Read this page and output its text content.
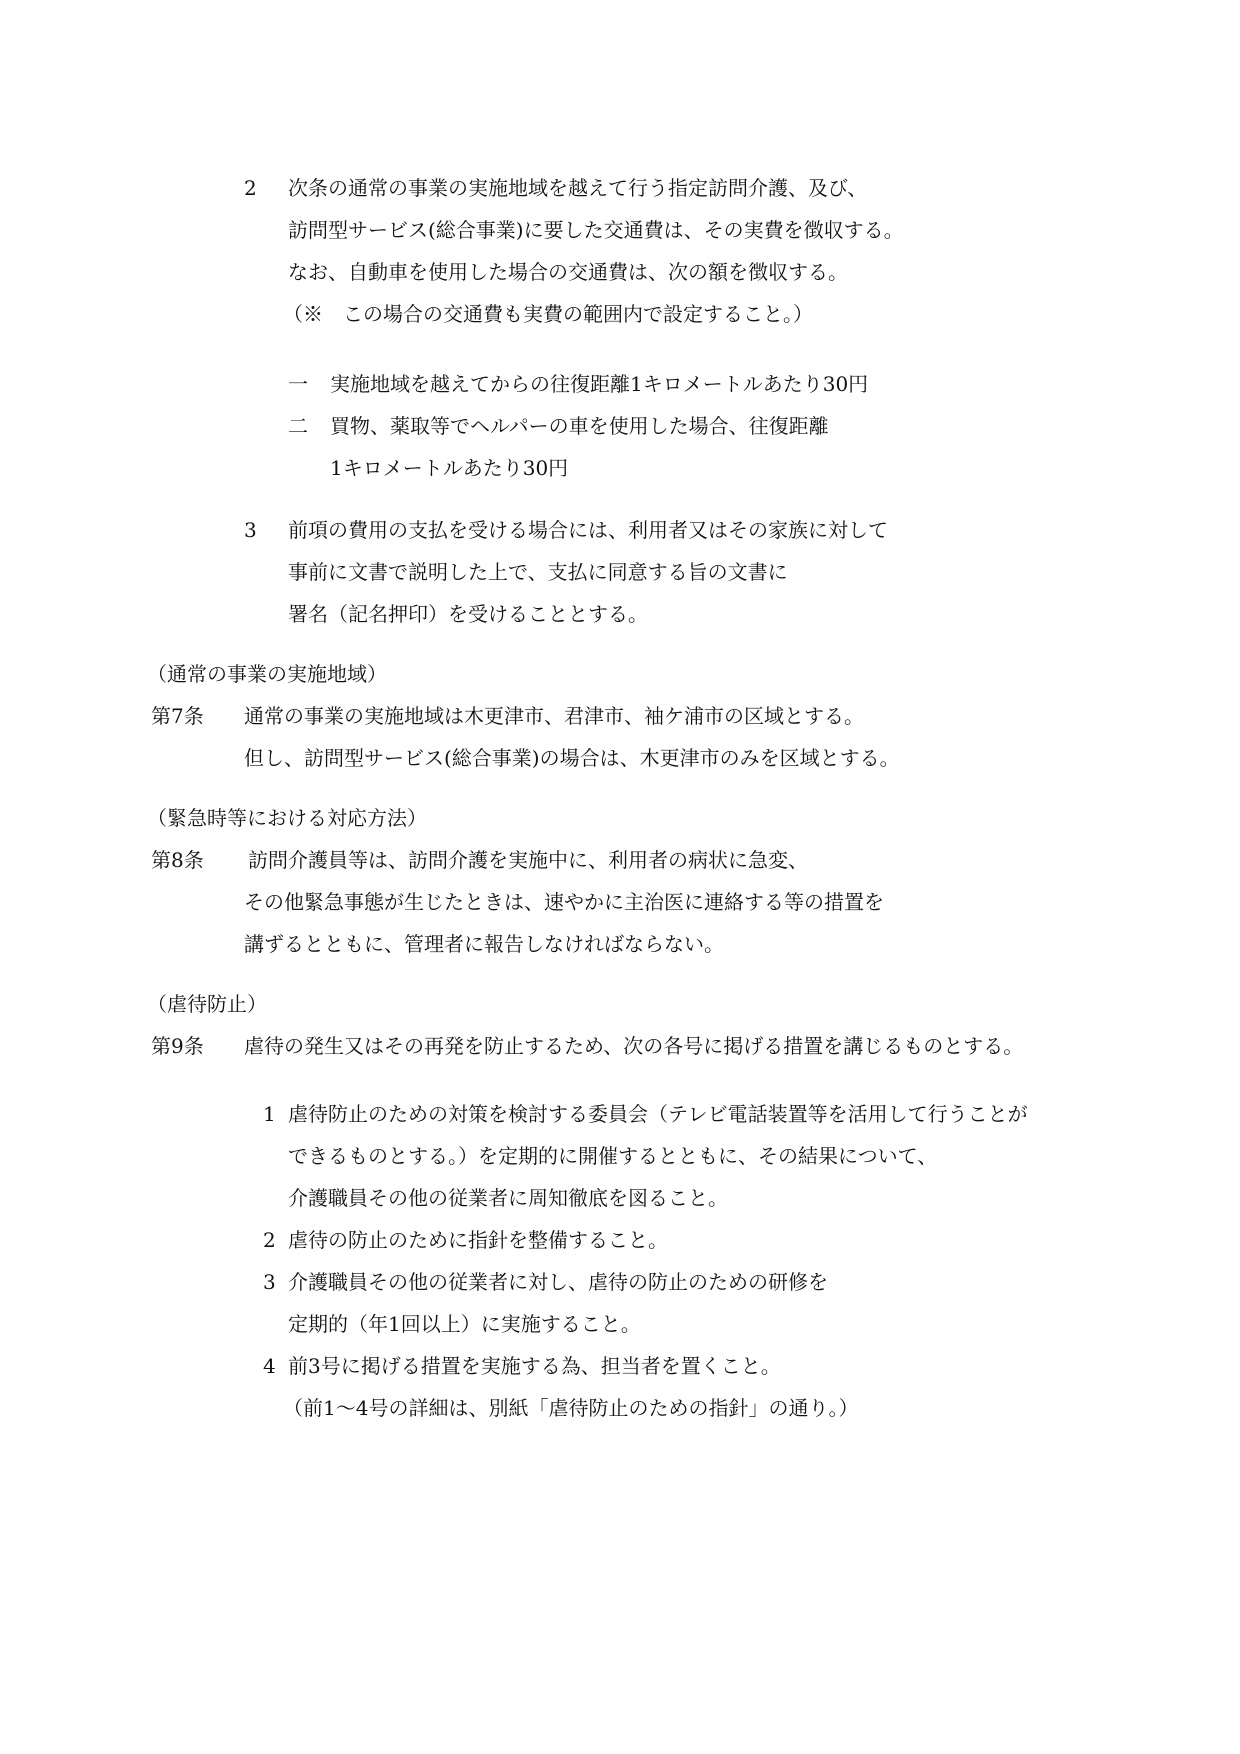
2 次条の通常の事業の実施地域を越えて行う指定訪問介護、及び、
訪問型サービス(総合事業)に要した交通費は、その実費を徴収する。
なお、自動車を使用した場合の交通費は、次の額を徴収する。
（※　この場合の交通費も実費の範囲内で設定すること。）
一 実施地域を越えてからの往復距離1キロメートルあたり30円
二 買物、薬取等でヘルパーの車を使用した場合、往復距離
1キロメートルあたり30円
3 前項の費用の支払を受ける場合には、利用者又はその家族に対して
事前に文書で説明した上で、支払に同意する旨の文書に
署名（記名押印）を受けることとする。
（通常の事業の実施地域）
第7条 通常の事業の実施地域は木更津市、君津市、袖ケ浦市の区域とする。
但し、訪問型サービス(総合事業)の場合は、木更津市のみを区域とする。
（緊急時等における対応方法）
第8条 訪問介護員等は、訪問介護を実施中に、利用者の病状に急変、
その他緊急事態が生じたときは、速やかに主治医に連絡する等の措置を
講ずるとともに、管理者に報告しなければならない。
（虐待防止）
第9条 虐待の発生又はその再発を防止するため、次の各号に掲げる措置を講じるものとする。
1 虐待防止のための対策を検討する委員会（テレビ電話装置等を活用して行うことが
できるものとする。）を定期的に開催するとともに、その結果について、
介護職員その他の従業者に周知徹底を図ること。
2 虐待の防止のために指針を整備すること。
3 介護職員その他の従業者に対し、虐待の防止のための研修を
定期的（年1回以上）に実施すること。
4 前3号に掲げる措置を実施する為、担当者を置くこと。
（前1～4号の詳細は、別紙「虐待防止のための指針」の通り。）
